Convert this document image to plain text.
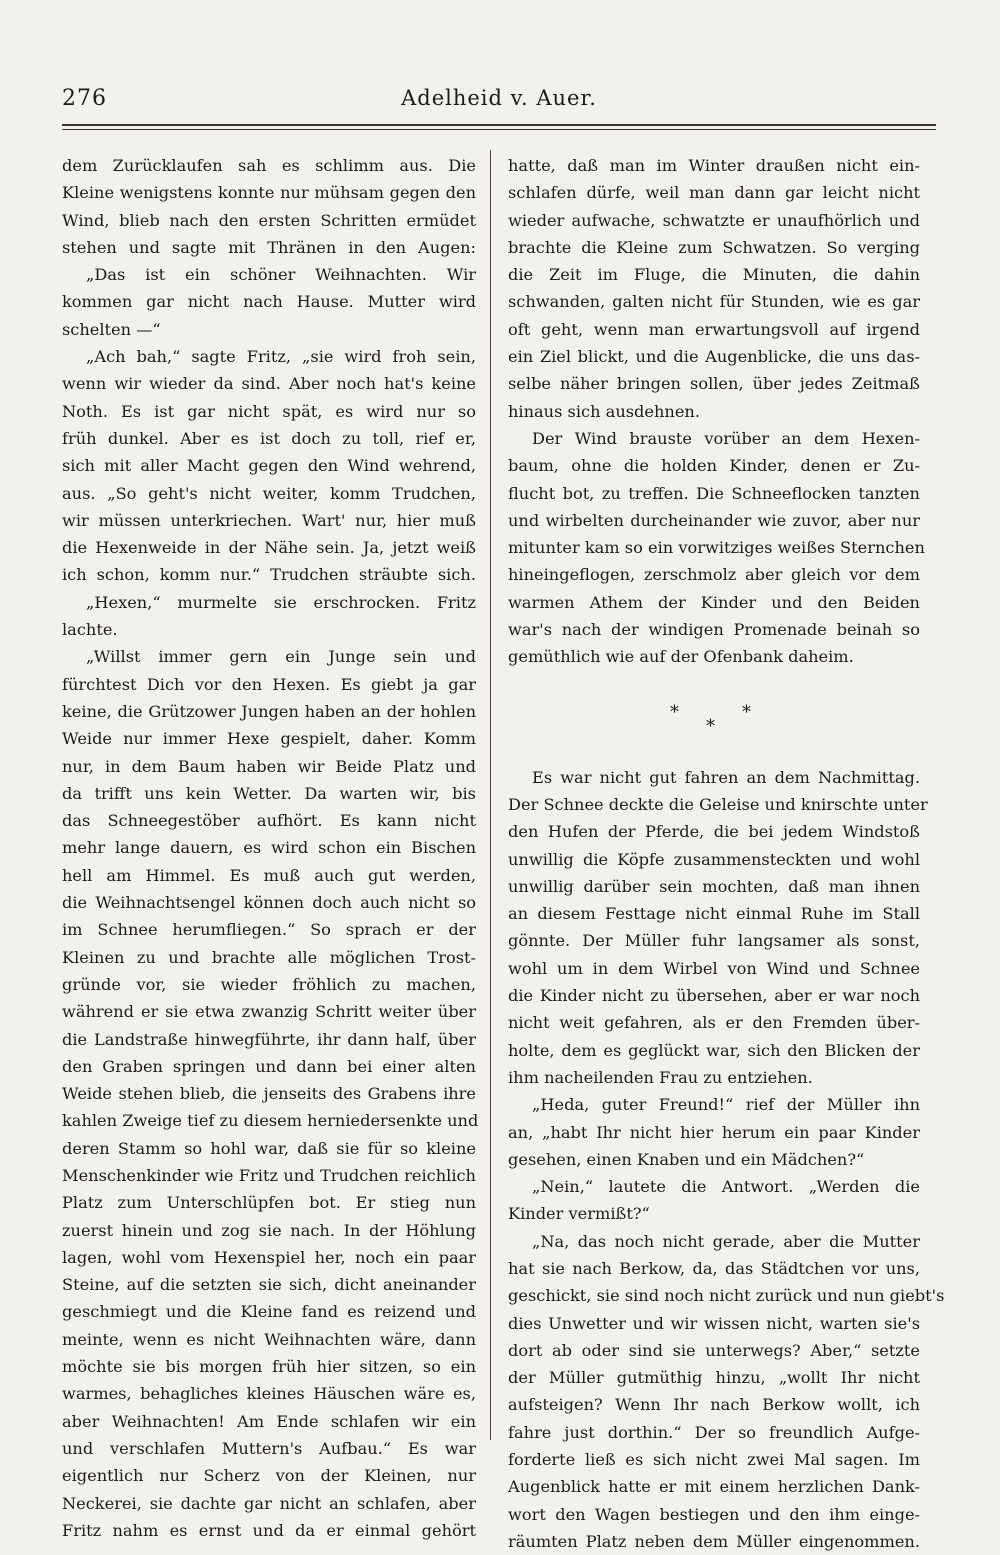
276	Adelheid v. Auer.
dem Zurücklaufen sah es schlimm aus. Die
Kleine wenigstens konnte nur mühsam gegen den
Wind, blieb nach den ersten Schritten ermüdet
stehen und sagte mit Thränen in den Augen:
„Das ist ein schöner Weihnachten. Wir
kommen gar nicht nach Hause. Mutter wird
schelten —“
„Ach bah,“ sagte Fritz, „sie wird froh sein,
wenn wir wieder da sind. Aber noch hat's keine
Noth. Es ist gar nicht spät, es wird nur so
früh dunkel. Aber es ist doch zu toll, rief er,
sich mit aller Macht gegen den Wind wehrend,
aus. „So geht's nicht weiter, komm Trudchen,
wir müssen unterkriechen. Wart' nur, hier muß
die Hexenweide in der Nähe sein. Ja, jetzt weiß
ich schon, komm nur.“ Trudchen sträubte sich.
„Hexen,“ murmelte sie erschrocken. Fritz
lachte.
„Willst immer gern ein Junge sein und
fürchtest Dich vor den Hexen. Es giebt ja gar
keine, die Grützower Jungen haben an der hohlen
Weide nur immer Hexe gespielt, daher. Komm
nur, in dem Baum haben wir Beide Platz und
da trifft uns kein Wetter. Da warten wir, bis
das Schneegestöber aufhört. Es kann nicht
mehr lange dauern, es wird schon ein Bischen
hell am Himmel. Es muß auch gut werden,
die Weihnachtsengel können doch auch nicht so
im Schnee herumfliegen.“ So sprach er der
Kleinen zu und brachte alle möglichen Trost-
gründe vor, sie wieder fröhlich zu machen,
während er sie etwa zwanzig Schritt weiter über
die Landstraße hinwegführte, ihr dann half, über
den Graben springen und dann bei einer alten
Weide stehen blieb, die jenseits des Grabens ihre
kahlen Zweige tief zu diesem herniedersenkte und
deren Stamm so hohl war, daß sie für so kleine
Menschenkinder wie Fritz und Trudchen reichlich
Platz zum Unterschlüpfen bot. Er stieg nun
zuerst hinein und zog sie nach. In der Höhlung
lagen, wohl vom Hexenspiel her, noch ein paar
Steine, auf die setzten sie sich, dicht aneinander
geschmiegt und die Kleine fand es reizend und
meinte, wenn es nicht Weihnachten wäre, dann
möchte sie bis morgen früh hier sitzen, so ein
warmes, behagliches kleines Häuschen wäre es,
aber Weihnachten! Am Ende schlafen wir ein
und verschlafen Muttern's Aufbau.“ Es war
eigentlich nur Scherz von der Kleinen, nur
Neckerei, sie dachte gar nicht an schlafen, aber
Fritz nahm es ernst und da er einmal gehört
hatte, daß man im Winter draußen nicht ein-
schlafen dürfe, weil man dann gar leicht nicht
wieder aufwache, schwatzte er unaufhörlich und
brachte die Kleine zum Schwatzen. So verging
die Zeit im Fluge, die Minuten, die dahin
schwanden, galten nicht für Stunden, wie es gar
oft geht, wenn man erwartungsvoll auf irgend
ein Ziel blickt, und die Augenblicke, die uns das-
selbe näher bringen sollen, über jedes Zeitmaß
hinaus sich ausdehnen.
Der Wind brauste vorüber an dem Hexen-
baum, ohne die holden Kinder, denen er Zu-
flucht bot, zu treffen. Die Schneeflocken tanzten
und wirbelten durcheinander wie zuvor, aber nur
mitunter kam so ein vorwitziges weißes Sternchen
hineingeflogen, zerschmolz aber gleich vor dem
warmen Athem der Kinder und den Beiden
war's nach der windigen Promenade beinah so
gemüthlich wie auf der Ofenbank daheim.
*
*
*
Es war nicht gut fahren an dem Nachmittag.
Der Schnee deckte die Geleise und knirschte unter
den Hufen der Pferde, die bei jedem Windstoß
unwillig die Köpfe zusammensteckten und wohl
unwillig darüber sein mochten, daß man ihnen
an diesem Festtage nicht einmal Ruhe im Stall
gönnte. Der Müller fuhr langsamer als sonst,
wohl um in dem Wirbel von Wind und Schnee
die Kinder nicht zu übersehen, aber er war noch
nicht weit gefahren, als er den Fremden über-
holte, dem es geglückt war, sich den Blicken der
ihm nacheilenden Frau zu entziehen.
„Heda, guter Freund!“ rief der Müller ihn
an, „habt Ihr nicht hier herum ein paar Kinder
gesehen, einen Knaben und ein Mädchen?“
„Nein,“ lautete die Antwort. „Werden die
Kinder vermißt?“
„Na, das noch nicht gerade, aber die Mutter
hat sie nach Berkow, da, das Städtchen vor uns,
geschickt, sie sind noch nicht zurück und nun giebt's
dies Unwetter und wir wissen nicht, warten sie's
dort ab oder sind sie unterwegs? Aber,“ setzte
der Müller gutmüthig hinzu, „wollt Ihr nicht
aufsteigen? Wenn Ihr nach Berkow wollt, ich
fahre just dorthin.“ Der so freundlich Aufge-
forderte ließ es sich nicht zwei Mal sagen. Im
Augenblick hatte er mit einem herzlichen Dank-
wort den Wagen bestiegen und den ihm einge-
räumten Platz neben dem Müller eingenommen.
